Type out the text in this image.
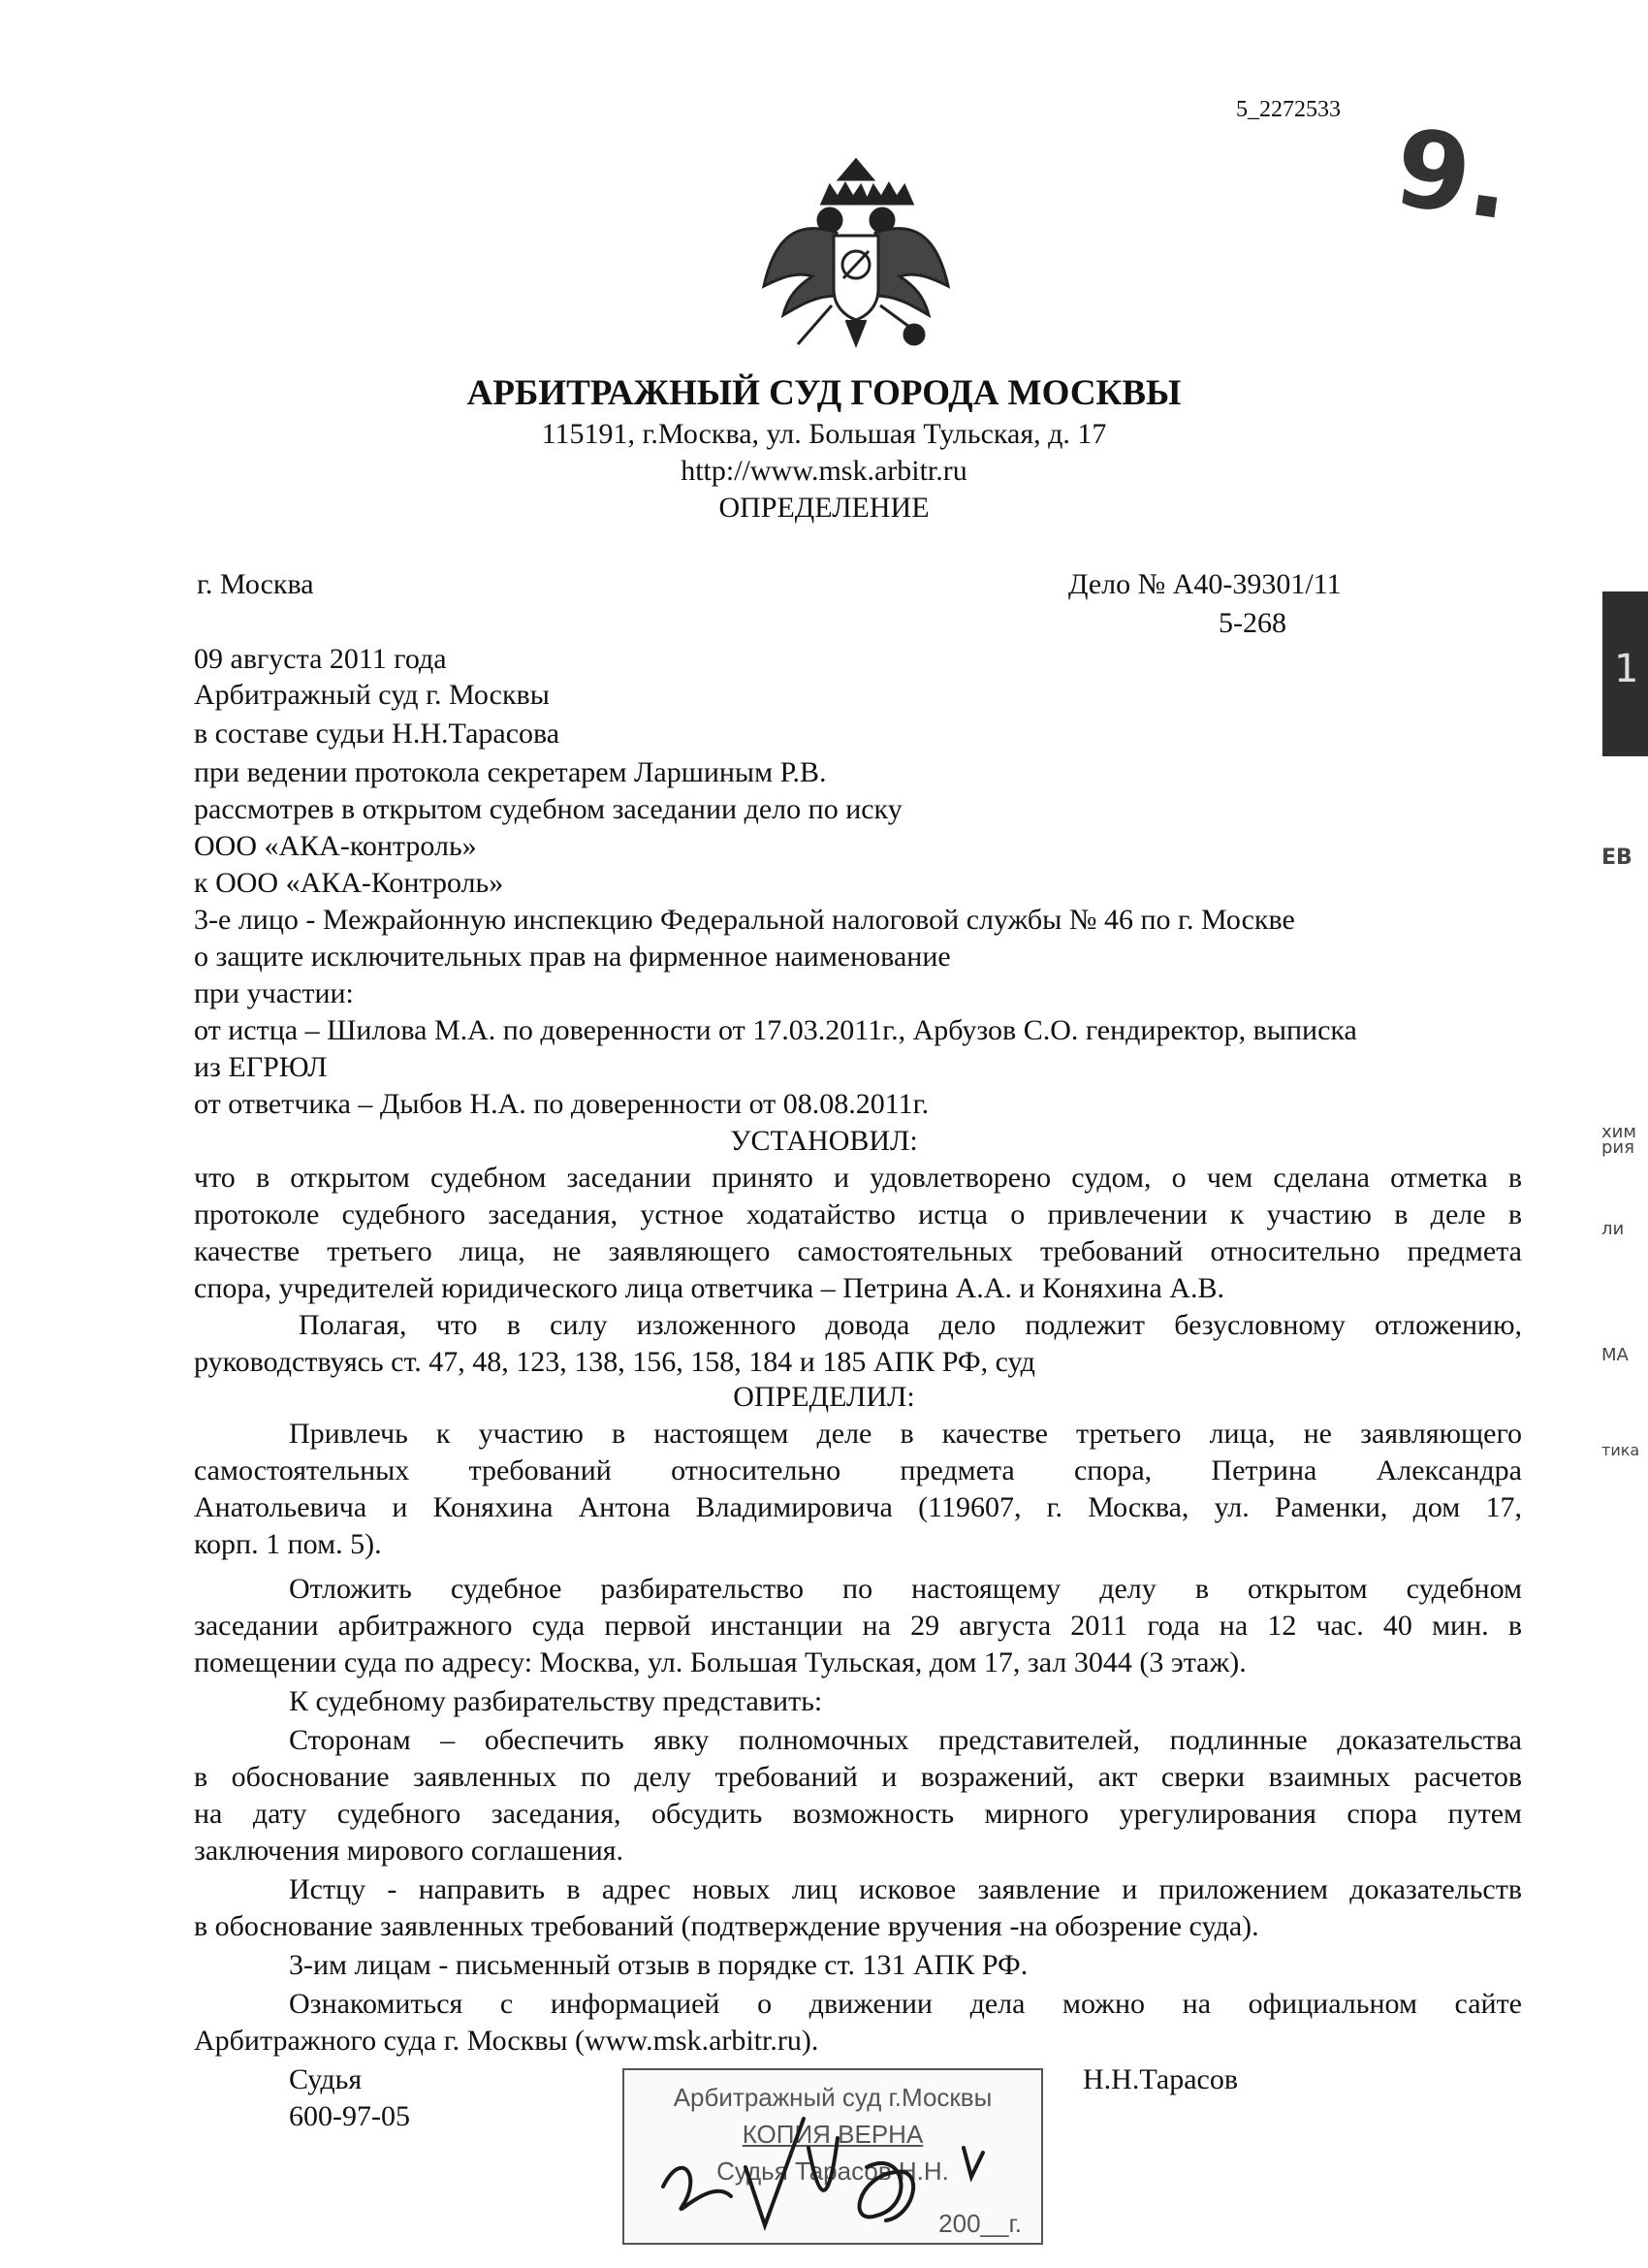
5_2272533 9.
АРБИТРАЖНЫЙ СУД ГОРОДА МОСКВЫ
115191, г.Москва, ул. Большая Тульская, д. 17
http://www.msk.arbitr.ru
ОПРЕДЕЛЕНИЕ
г. Москва	Дело № А40-39301/11
5-268
09 августа 2011 года
Арбитражный суд г. Москвы
в составе судьи Н.Н.Тарасова
при ведении протокола секретарем Ларшиным Р.В.
рассмотрев в открытом судебном заседании дело по иску
ООО «АКА-контроль»
к ООО «АКА-Контроль»
3-е лицо - Межрайонную инспекцию Федеральной налоговой службы № 46 по г. Москве
о защите исключительных прав на фирменное наименование
при участии:
от истца – Шилова М.А. по доверенности от 17.03.2011г., Арбузов С.О. гендиректор, выписка
из ЕГРЮЛ
от ответчика – Дыбов Н.А. по доверенности от 08.08.2011г.
УСТАНОВИЛ:
что в открытом судебном заседании принято и удовлетворено судом, о чем сделана отметка в
протоколе судебного заседания, устное ходатайство истца о привлечении к участию в деле в
качестве третьего лица, не заявляющего самостоятельных требований относительно предмета
спора, учредителей юридического лица ответчика – Петрина А.А. и Коняхина А.В.
Полагая, что в силу изложенного довода дело подлежит безусловному отложению,
руководствуясь ст. 47, 48, 123, 138, 156, 158, 184 и 185 АПК РФ, суд
ОПРЕДЕЛИЛ:
Привлечь к участию в настоящем деле в качестве третьего лица, не заявляющего
самостоятельных требований относительно предмета спора, Петрина Александра
Анатольевича и Коняхина Антона Владимировича (119607, г. Москва, ул. Раменки, дом 17,
корп. 1 пом. 5).
Отложить судебное разбирательство по настоящему делу в открытом судебном
заседании арбитражного суда первой инстанции на 29 августа 2011 года на 12 час. 40 мин. в
помещении суда по адресу: Москва, ул. Большая Тульская, дом 17, зал 3044 (3 этаж).
К судебному разбирательству представить:
Сторонам – обеспечить явку полномочных представителей, подлинные доказательства
в обоснование заявленных по делу требований и возражений, акт сверки взаимных расчетов
на дату судебного заседания, обсудить возможность мирного урегулирования спора путем
заключения мирового соглашения.
Истцу - направить в адрес новых лиц исковое заявление и приложением доказательств
в обоснование заявленных требований (подтверждение вручения -на обозрение суда).
3-им лицам - письменный отзыв в порядке ст. 131 АПК РФ.
Ознакомиться с информацией о движении дела можно на официальном сайте
Арбитражного суда г. Москвы (www.msk.arbitr.ru).
Судья
600-97-05
Н.Н.Тарасов
Арбитражный суд г.Москвы
КОПИЯ ВЕРНА
Судья Тарасов Н.Н.
200__г.
1
ЕВ
хим
рия
ли
МА
тика
